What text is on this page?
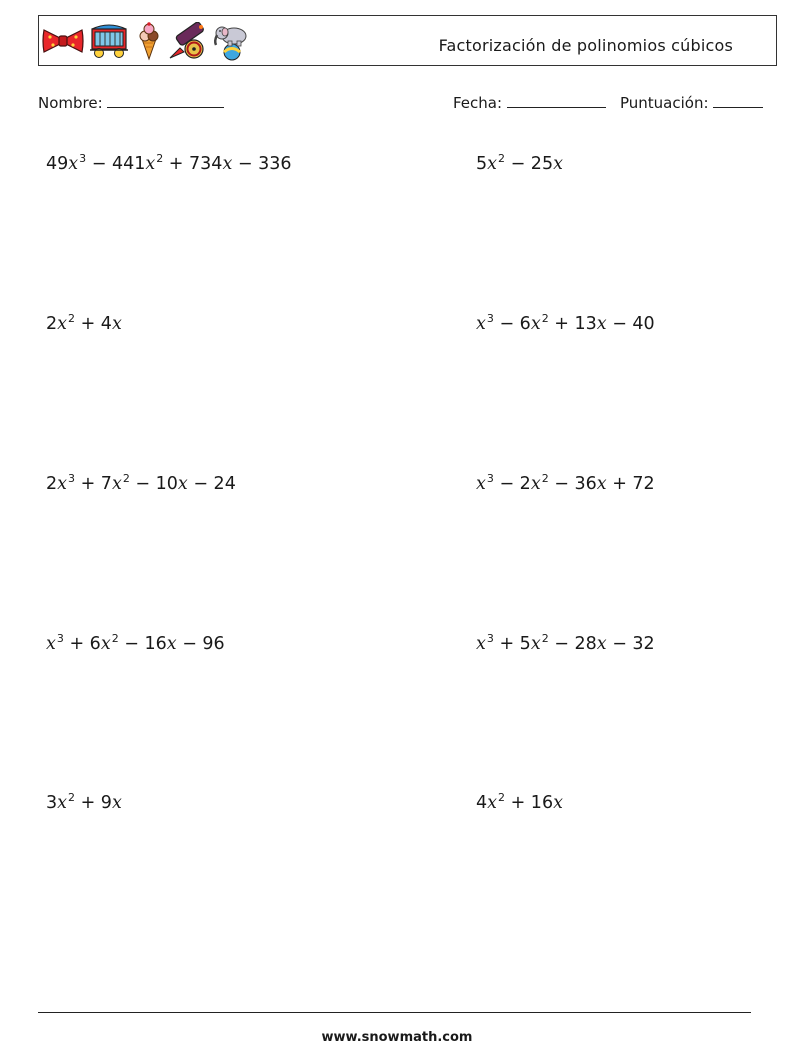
Factorización de polinomios cúbicos
Nombre:	Fecha:	Puntuación:
$49x^3 - 441x^2 + 734x - 336$	$5x^2 - 25x$
$2x^2 + 4x$	$x^3 - 6x^2 + 13x - 40$
$2x^3 + 7x^2 - 10x - 24$	$x^3 - 2x^2 - 36x + 72$
$x^3 + 6x^2 - 16x - 96$	$x^3 + 5x^2 - 28x - 32$
$3x^2 + 9x$	$4x^2 + 16x$
www.snowmath.com
